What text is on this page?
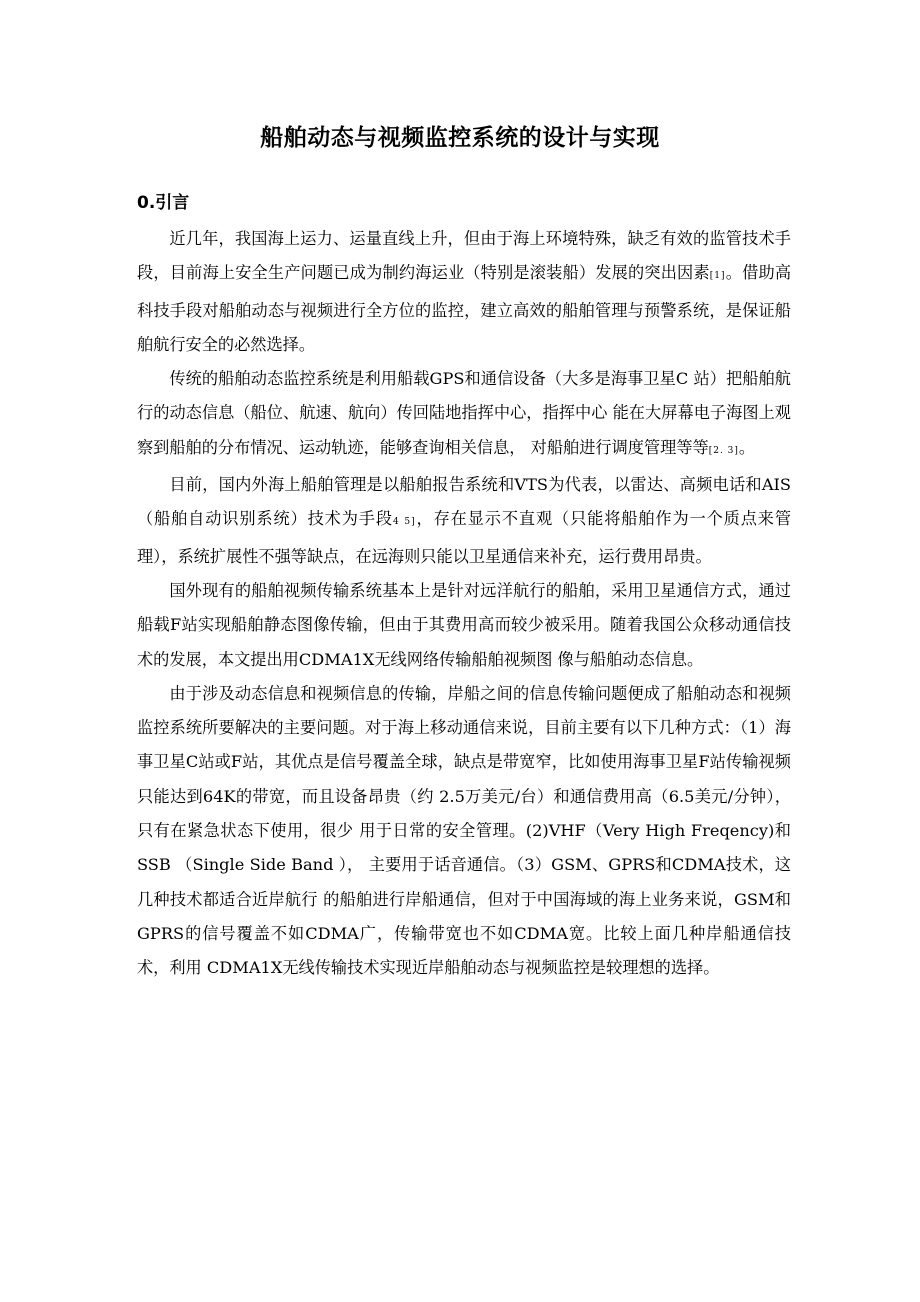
船舶动态与视频监控系统的设计与实现
0.引言

近几年，我国海上运力、运量直线上升，但由于海上环境特殊，缺乏有效的监管技术手段，目前海上安全生产问题已成为制约海运业（特别是滚装船）发展的突出因素[1]。借助高科技手段对船舶动态与视频进行全方位的监控，建立高效的船舶管理与预警系统，是保证船舶航行安全的必然选择。

传统的船舶动态监控系统是利用船载GPS和通信设备（大多是海事卫星C 站）把船舶航行的动态信息（船位、航速、航向）传回陆地指挥中心，指挥中心 能在大屏幕电子海图上观察到船舶的分布情况、运动轨迹，能够查询相关信息， 对船舶进行调度管理等等[2. 3]。

目前，国内外海上船舶管理是以船舶报告系统和VTS为代表，以雷达、高频电话和AIS （船舶自动识别系统）技术为手段4 5]，存在显示不直观（只能将船舶作为一个质点来管理），系统扩展性不强等缺点，在远海则只能以卫星通信来补充，运行费用昂贵。

国外现有的船舶视频传输系统基本上是针对远洋航行的船舶，采用卫星通信方式，通过船载F站实现船舶静态图像传输，但由于其费用高而较少被采用。随着我国公众移动通信技术的发展，本文提出用CDMA1X无线网络传输船舶视频图 像与船舶动态信息。

由于涉及动态信息和视频信息的传输，岸船之间的信息传输问题便成了船舶动态和视频监控系统所要解决的主要问题。对于海上移动通信来说，目前主要有以下几种方式：（1）海事卫星C站或F站，其优点是信号覆盖全球，缺点是带宽窄，比如使用海事卫星F站传输视频只能达到64K的带宽，而且设备昂贵（约 2.5万美元/台）和通信费用高（6.5美元/分钟），只有在紧急状态下使用，很少 用于日常的安全管理。(2)VHF（Very High Freqency)和 SSB （Single Side Band ）， 主要用于话音通信。（3）GSM、GPRS和CDMA技术，这几种技术都适合近岸航行 的船舶进行岸船通信，但对于中国海域的海上业务来说，GSM和GPRS的信号覆盖不如CDMA广，传输带宽也不如CDMA宽。比较上面几种岸船通信技术，利用 CDMA1X无线传输技术实现近岸船舶动态与视频监控是较理想的选择。
